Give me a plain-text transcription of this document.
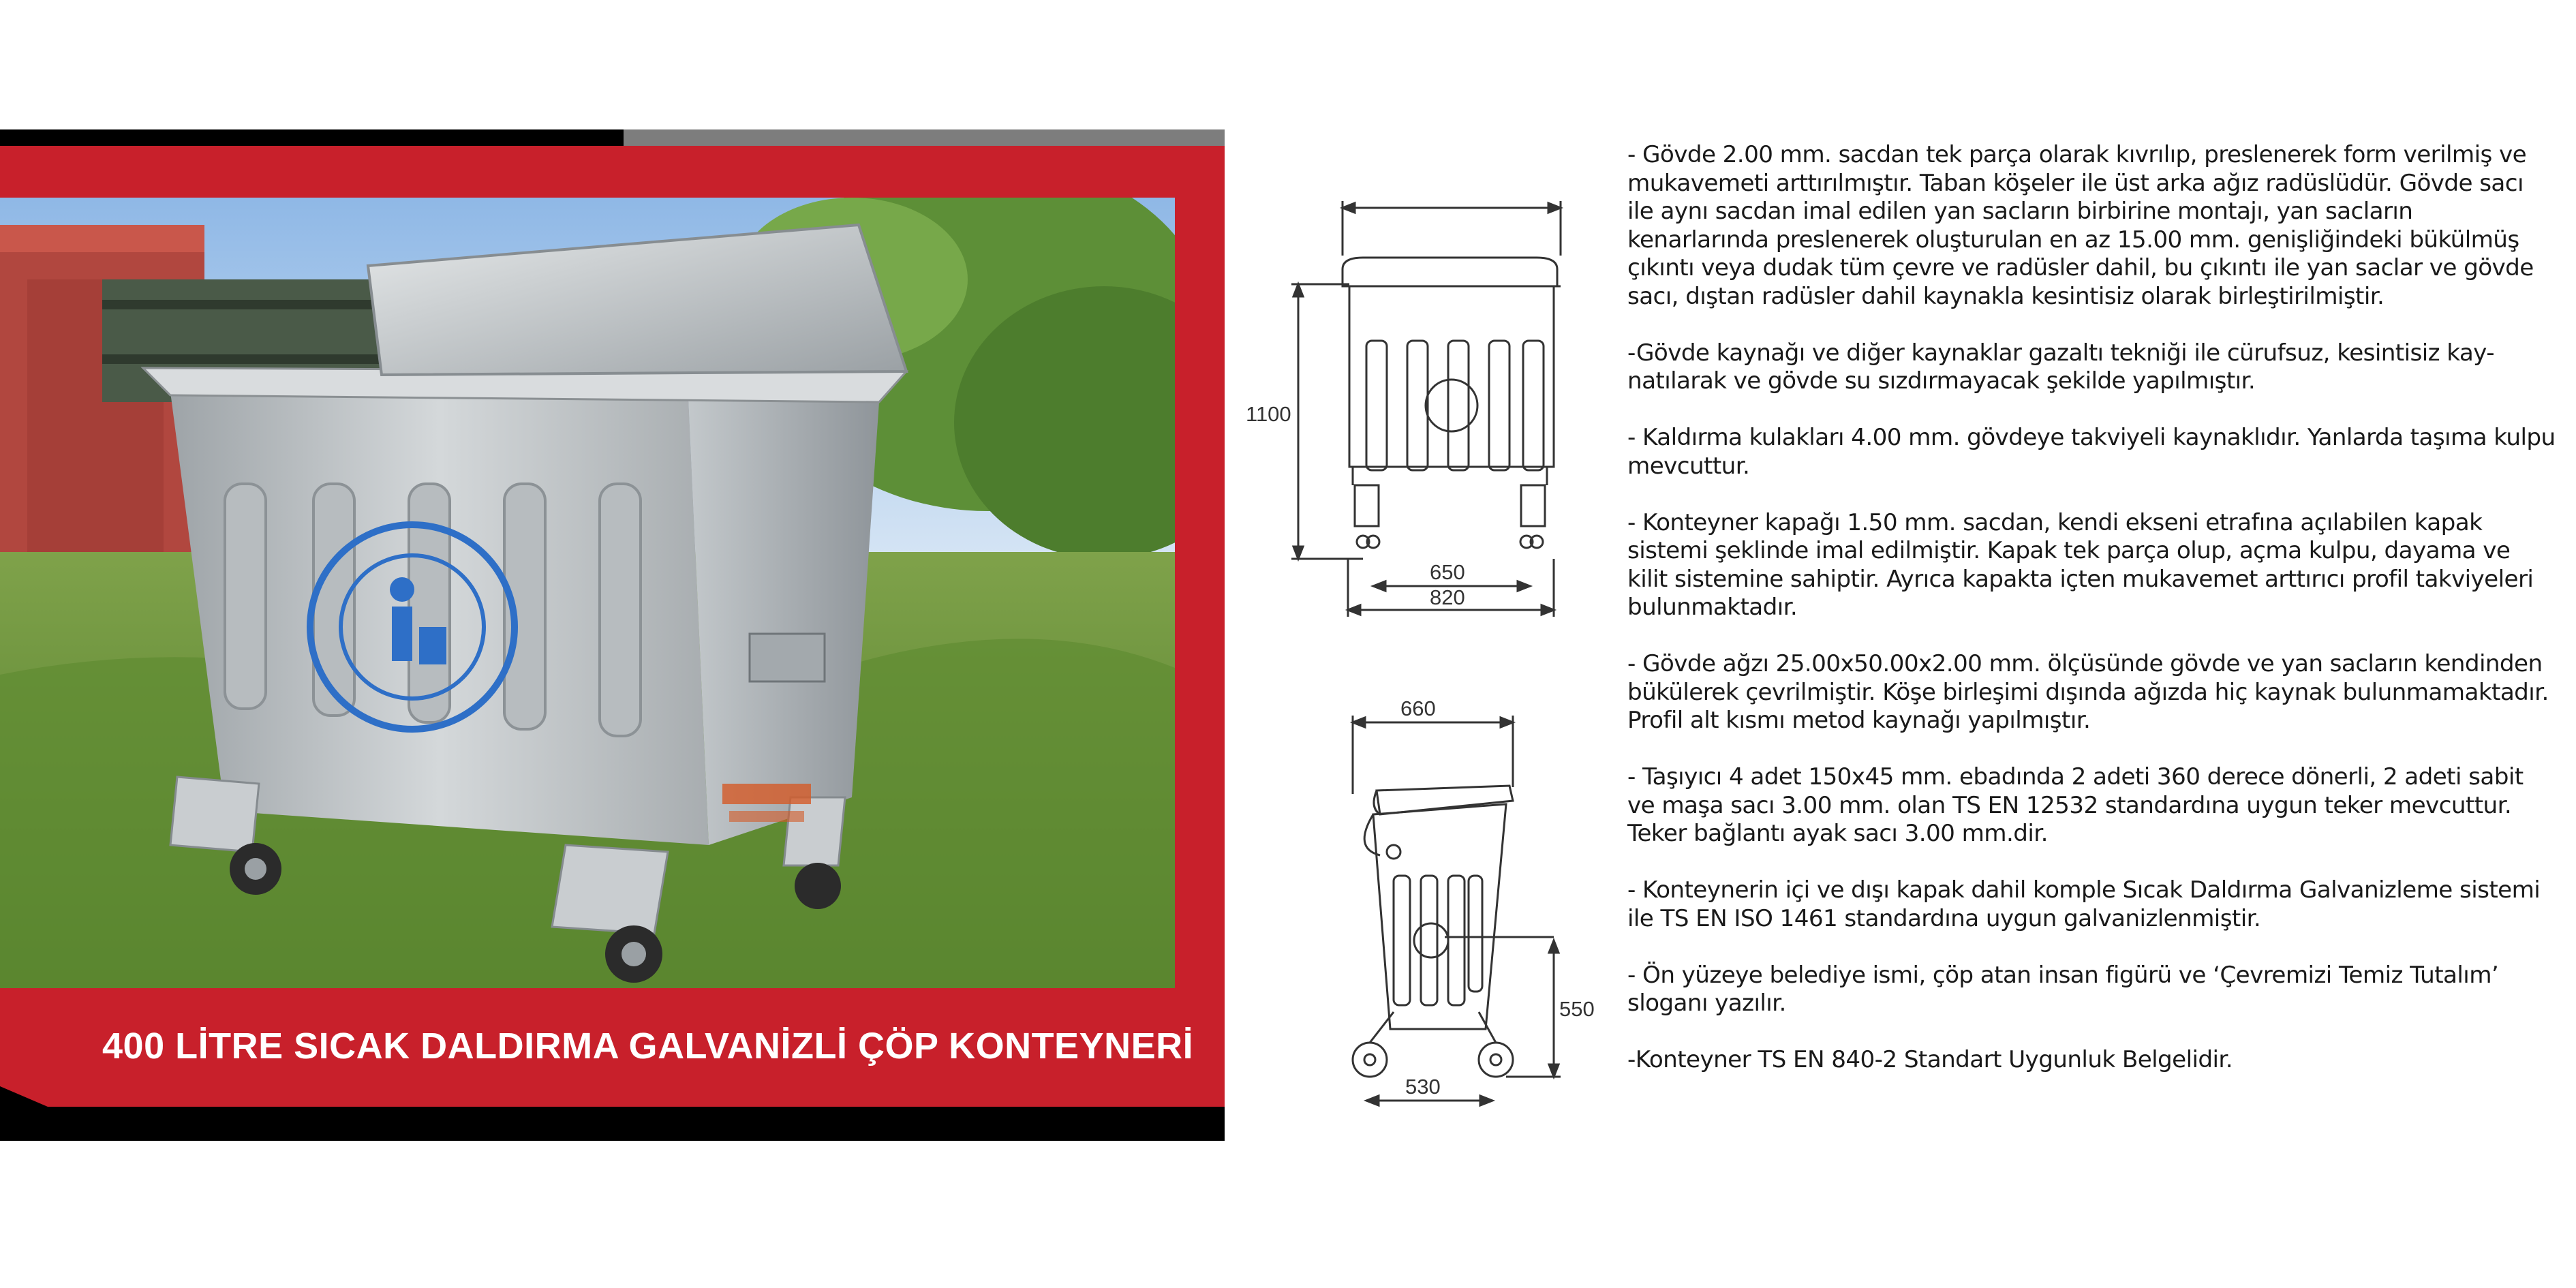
400 LİTRE SICAK DALDIRMA GALVANİZLİ ÇÖP KONTEYNERİ
1100
650
820
660
550
530

- Gövde 2.00 mm. sacdan tek parça olarak kıvrılıp, preslenerek form verilmiş ve mukavemeti arttırılmıştır. Taban köşeler ile üst arka ağız radüslüdür. Gövde sacı ile aynı sacdan imal edilen yan sacların birbirine montajı, yan sacların kenarlarında preslenerek oluşturulan en az 15.00 mm. genişliğindeki bükülmüş çıkıntı veya dudak tüm çevre ve radüsler dahil, bu çıkıntı ile yan saclar ve gövde sacı, dıştan radüsler dahil kaynakla kesintisiz olarak birleştirilmiştir.

-Gövde kaynağı ve diğer kaynaklar gazaltı tekniği ile cürufsuz, kesintisiz kay-natılarak ve gövde su sızdırmayacak şekilde yapılmıştır.

- Kaldırma kulakları 4.00 mm. gövdeye takviyeli kaynaklıdır. Yanlarda taşıma kulpu mevcuttur.

- Konteyner kapağı 1.50 mm. sacdan, kendi ekseni etrafına açılabilen kapak sistemi şeklinde imal edilmiştir. Kapak tek parça olup, açma kulpu, dayama ve kilit sistemine sahiptir. Ayrıca kapakta içten mukavemet arttırıcı profil takviyeleri bulunmaktadır.

- Gövde ağzı 25.00x50.00x2.00 mm. ölçüsünde gövde ve yan sacların kendinden bükülerek çevrilmiştir. Köşe birleşimi dışında ağızda hiç kaynak bulunmamaktadır. Profil alt kısmı metod kaynağı yapılmıştır.

- Taşıyıcı 4 adet 150x45 mm. ebadında 2 adeti 360 derece dönerli, 2 adeti sabit ve maşa sacı 3.00 mm. olan TS EN 12532 standardına uygun teker mevcuttur. Teker bağlantı ayak sacı 3.00 mm.dir.

- Konteynerin içi ve dışı kapak dahil komple Sıcak Daldırma Galvanizleme sistemi ile TS EN ISO 1461 standardına uygun galvanizlenmiştir.

- Ön yüzeye belediye ismi, çöp atan insan figürü ve ‘Çevremizi Temiz Tutalım’ sloganı yazılır.

-Konteyner TS EN 840-2 Standart Uygunluk Belgelidir.
